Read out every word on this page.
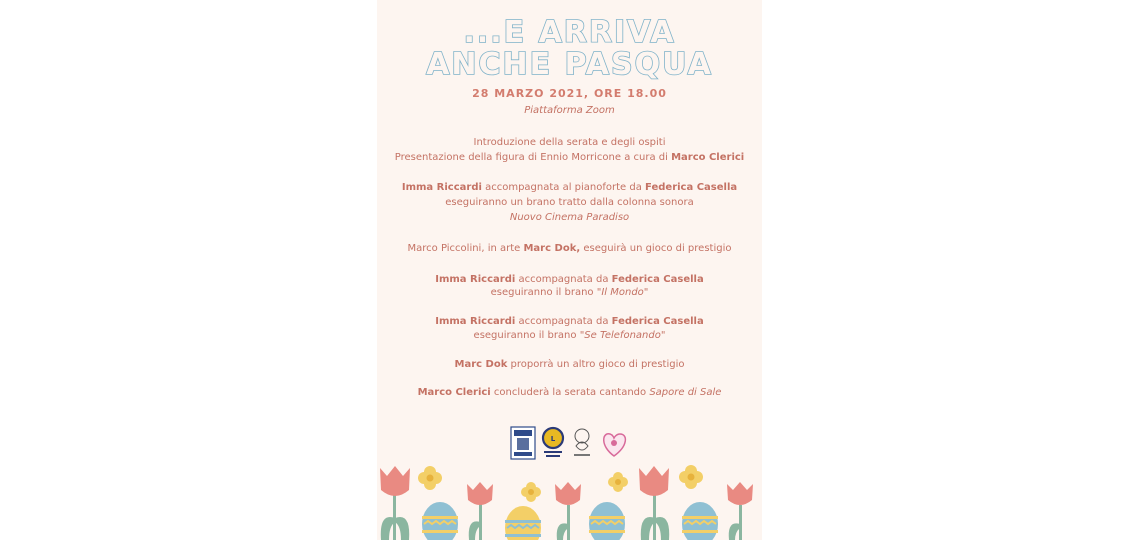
...E ARRIVA
ANCHE PASQUA
28 MARZO 2021, ORE 18.00
Piattaforma Zoom
Introduzione della serata e degli ospiti
Presentazione della figura di Ennio Morricone a cura di Marco Clerici
Imma Riccardi accompagnata al pianoforte da Federica Casella
eseguiranno un brano tratto dalla colonna sonora
Nuovo Cinema Paradiso
Marco Piccolini, in arte Marc Dok, eseguirà un gioco di prestigio
Imma Riccardi accompagnata da Federica Casella
eseguiranno il brano "Il Mondo"
Imma Riccardi accompagnata da Federica Casella
eseguiranno il brano "Se Telefonando"
Marc Dok proporrà un altro gioco di prestigio
Marco Clerici concluderà la serata cantando Sapore di Sale
L
